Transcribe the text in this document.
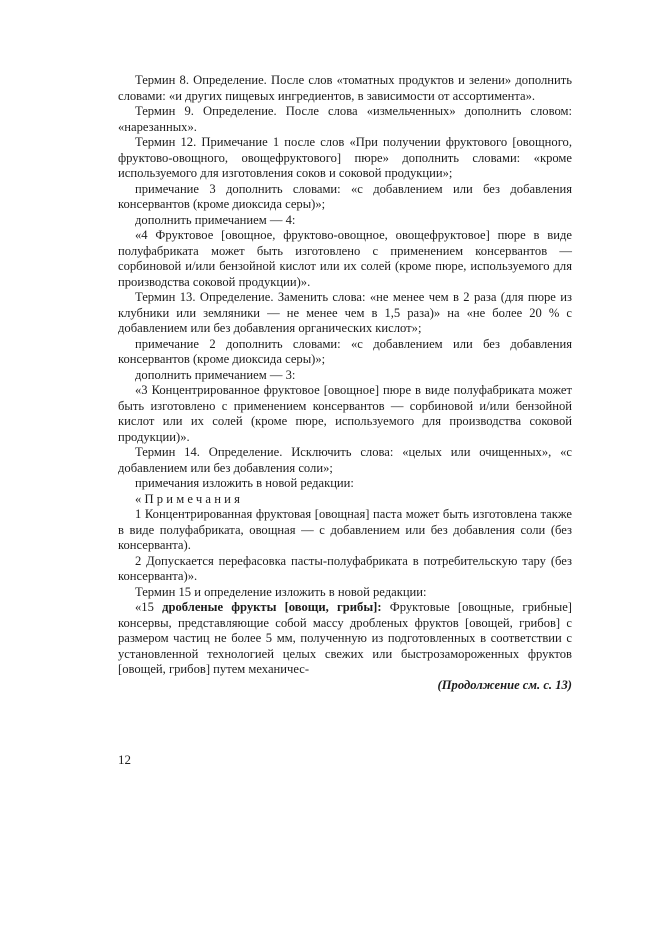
Термин 8. Определение. После слов «томатных продуктов и зелени» дополнить словами: «и других пищевых ингредиентов, в зависимости от ассортимента».

Термин 9. Определение. После слова «измельченных» дополнить словом: «нарезанных».

Термин 12. Примечание 1 после слов «При получении фруктового [овощного, фруктово-овощного, овощефруктового] пюре» дополнить словами: «кроме используемого для изготовления соков и соковой продукции»;

примечание 3 дополнить словами: «с добавлением или без добавления консервантов (кроме диоксида серы)»;

дополнить примечанием — 4:

«4 Фруктовое [овощное, фруктово-овощное, овощефруктовое] пюре в виде полуфабриката может быть изготовлено с применением консервантов — сорбиновой и/или бензойной кислот или их солей (кроме пюре, используемого для производства соковой продукции)».

Термин 13. Определение. Заменить слова: «не менее чем в 2 раза (для пюре из клубники или земляники — не менее чем в 1,5 раза)» на «не более 20 % с добавлением или без добавления органических кислот»;

примечание 2 дополнить словами: «с добавлением или без добавления консервантов (кроме диоксида серы)»;

дополнить примечанием — 3:

«3 Концентрированное фруктовое [овощное] пюре в виде полуфабриката может быть изготовлено с применением консервантов — сорбиновой и/или бензойной кислот или их солей (кроме пюре, используемого для производства соковой продукции)».

Термин 14. Определение. Исключить слова: «целых или очищенных», «с добавлением или без добавления соли»;

примечания изложить в новой редакции:

«Примечания

1 Концентрированная фруктовая [овощная] паста может быть изготовлена также в виде полуфабриката, овощная — с добавлением или без добавления соли (без консерванта).

2 Допускается перефасовка пасты-полуфабриката в потребительскую тару (без консерванта)».

Термин 15 и определение изложить в новой редакции:

«15 дробленые фрукты [овощи, грибы]: Фруктовые [овощные, грибные] консервы, представляющие собой массу дробленых фруктов [овощей, грибов] с размером частиц не более 5 мм, полученную из подготовленных в соответствии с установленной технологией целых свежих или быстрозамороженных фруктов [овощей, грибов] путем механичес-

(Продолжение см. с. 13)

12
